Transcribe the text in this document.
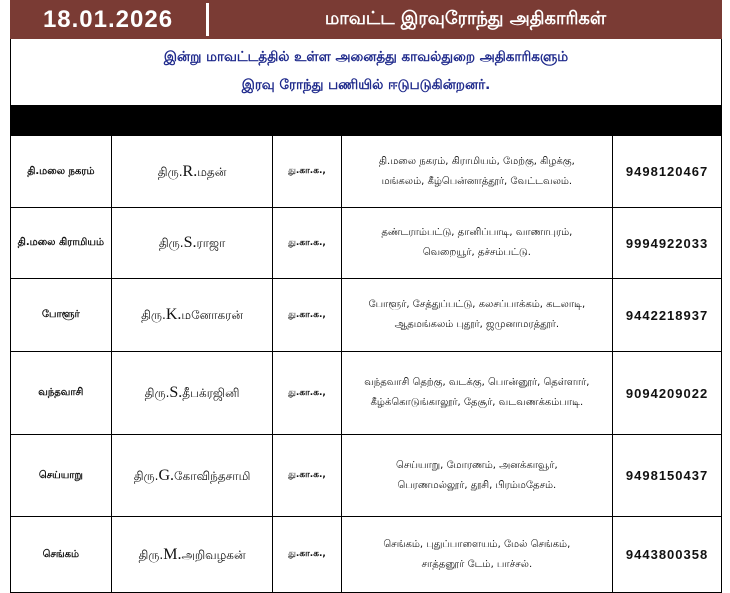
18.01.2026	மாவட்ட இரவுரோந்து அதிகாரிகள்
இன்று மாவட்டத்தில் உள்ள அனைத்து காவல்துறை அதிகாரிகளும்
இரவு ரோந்து பணியில் ஈடுபடுகின்றனர்.
தி.மலை நகரம்	திரு.R.மதன்	து.கா.க.,	தி.மலை நகரம், கிராமியம், மேற்கு, கிழக்கு,
மங்கலம், கீழ்பென்னாத்தூர், வேட்டவலம்.	9498120467
தி.மலை கிராமியம்	திரு.S.ராஜா	து.கா.க.,	தண்டராம்பட்டு, தானிப்பாடி, வாணாபுரம்,
வெறையூர், தச்சம்பட்டு.	9994922033
போளூர்	திரு.K.மனோகரன்	து.கா.க.,	போளூர், சேத்துப்பட்டு, கலசப்பாக்கம், கடலாடி,
ஆதமங்கலம் புதூர், ஜமுனாமரத்தூர்.	9442218937
வந்தவாசி	திரு.S.தீபக்ரஜினி	து.கா.க.,	வந்தவாசி தெற்கு, வடக்கு, பொன்னூர், தெள்ளார்,
கீழ்க்கொடுங்காலூர், தேசூர், வடவணக்கம்பாடி.	9094209022
செய்யாறு	திரு.G.கோவிந்தசாமி	து.கா.க.,	செய்யாறு, மோரணம், அனக்காவூர்,
பெரணமல்லூர், தூசி, பிரம்மதேசம்.	9498150437
செங்கம்	திரு.M.அறிவழகன்	து.கா.க.,	செங்கம், புதுப்பாளையம், மேல் செங்கம்,
சாத்தனூர் டேம், பாச்சல்.	9443800358
